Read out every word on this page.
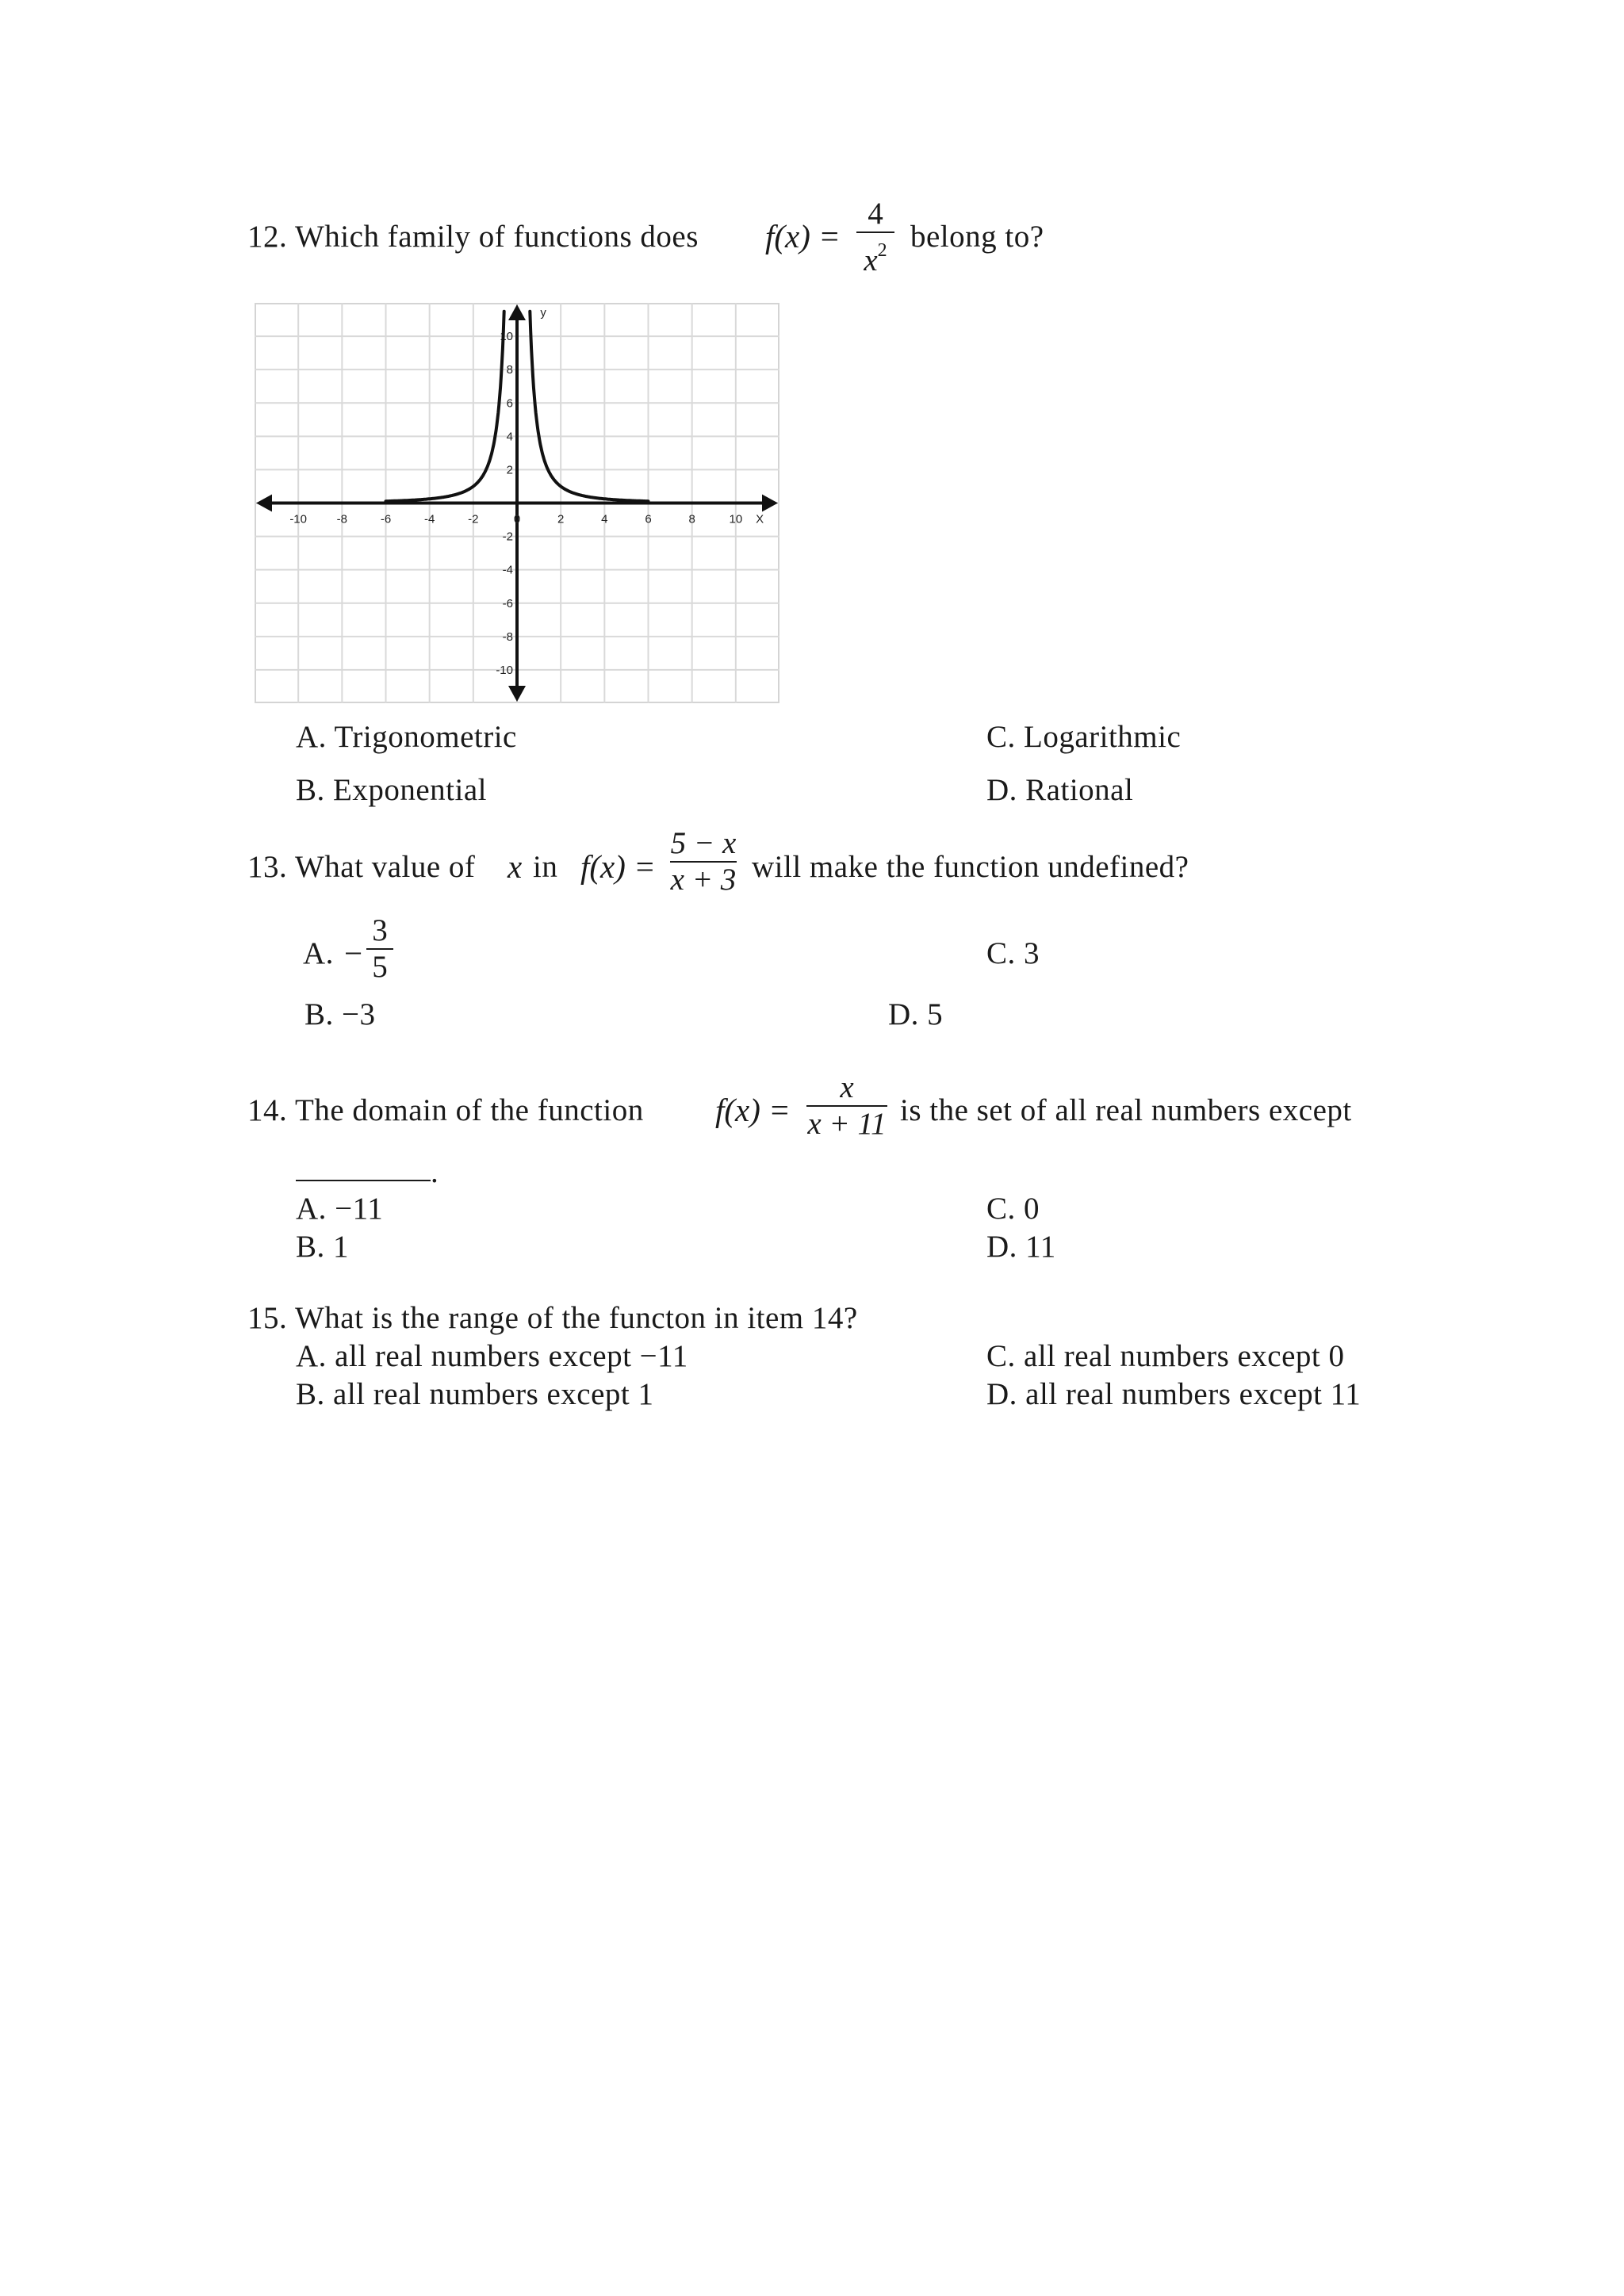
12. Which family of functions does f(x) =
4
$x^2$ belong to?
-10	-8	-6	-4	-2	0	2	4	6	8	10
10
8
6
4
2
-2
-4
-6
-8
-10
X
y
A. Trigonometric
B. Exponential
C. Logarithmic
D. Rational
13. What value of x in f(x) =
5 − x
x + 3 will make the function undefined?
A. −
3
5
B. −3
C. 3
D. 5
14. The domain of the function f(x) =
x
x + 11 is the set of all real numbers except
.
A. −11
B. 1
C. 0
D. 11
15. What is the range of the functon in item 14?
A. all real numbers except −11
B. all real numbers except 1
C. all real numbers except 0
D. all real numbers except 11
